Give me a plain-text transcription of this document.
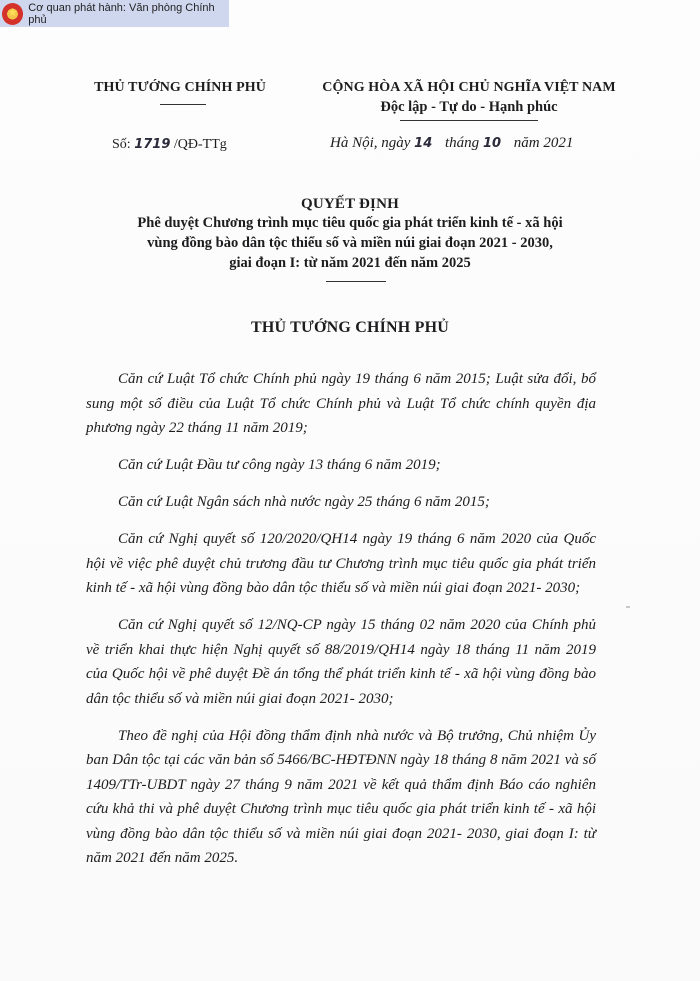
★ Cơ quan phát hành: Văn phòng Chính phủ
THỦ TƯỚNG CHÍNH PHỦ	CỘNG HÒA XÃ HỘI CHỦ NGHĨA VIỆT NAM
Độc lập - Tự do - Hạnh phúc
Số: 1719 /QĐ-TTg	Hà Nội, ngày 14 tháng 10 năm 2021
QUYẾT ĐỊNH
Phê duyệt Chương trình mục tiêu quốc gia phát triển kinh tế - xã hội
vùng đồng bào dân tộc thiểu số và miền núi giai đoạn 2021 - 2030,
giai đoạn I: từ năm 2021 đến năm 2025
THỦ TƯỚNG CHÍNH PHỦ

Căn cứ Luật Tổ chức Chính phủ ngày 19 tháng 6 năm 2015; Luật sửa đổi, bổ sung một số điều của Luật Tổ chức Chính phủ và Luật Tổ chức chính quyền địa phương ngày 22 tháng 11 năm 2019;

Căn cứ Luật Đầu tư công ngày 13 tháng 6 năm 2019;

Căn cứ Luật Ngân sách nhà nước ngày 25 tháng 6 năm 2015;

Căn cứ Nghị quyết số 120/2020/QH14 ngày 19 tháng 6 năm 2020 của Quốc hội về việc phê duyệt chủ trương đầu tư Chương trình mục tiêu quốc gia phát triển kinh tế - xã hội vùng đồng bào dân tộc thiểu số và miền núi giai đoạn 2021- 2030;

Căn cứ Nghị quyết số 12/NQ-CP ngày 15 tháng 02 năm 2020 của Chính phủ về triển khai thực hiện Nghị quyết số 88/2019/QH14 ngày 18 tháng 11 năm 2019 của Quốc hội về phê duyệt Đề án tổng thể phát triển kinh tế - xã hội vùng đồng bào dân tộc thiểu số và miền núi giai đoạn 2021- 2030;

Theo đề nghị của Hội đồng thẩm định nhà nước và Bộ trưởng, Chủ nhiệm Ủy ban Dân tộc tại các văn bản số 5466/BC-HĐTĐNN ngày 18 tháng 8 năm 2021 và số 1409/TTr-UBDT ngày 27 tháng 9 năm 2021 về kết quả thẩm định Báo cáo nghiên cứu khả thi và phê duyệt Chương trình mục tiêu quốc gia phát triển kinh tế - xã hội vùng đồng bào dân tộc thiểu số và miền núi giai đoạn 2021- 2030, giai đoạn I: từ năm 2021 đến năm 2025.
